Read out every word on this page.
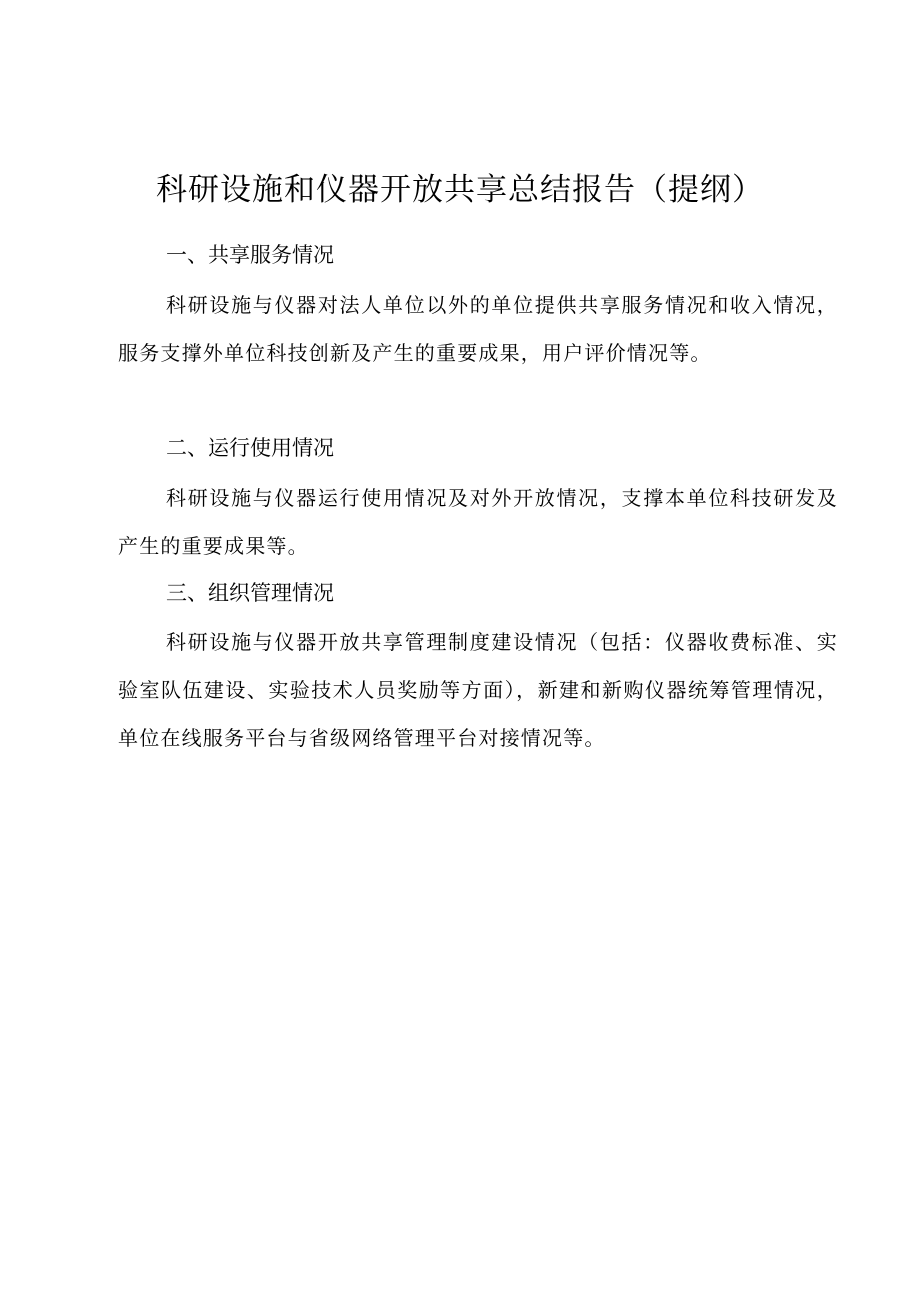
科研设施和仪器开放共享总结报告（提纲）
一、共享服务情况

科研设施与仪器对法人单位以外的单位提供共享服务情况和收入情况，服务支撑外单位科技创新及产生的重要成果，用户评价情况等。

二、运行使用情况

科研设施与仪器运行使用情况及对外开放情况，支撑本单位科技研发及产生的重要成果等。

三、组织管理情况

科研设施与仪器开放共享管理制度建设情况（包括：仪器收费标准、实验室队伍建设、实验技术人员奖励等方面），新建和新购仪器统筹管理情况，单位在线服务平台与省级网络管理平台对接情况等。
